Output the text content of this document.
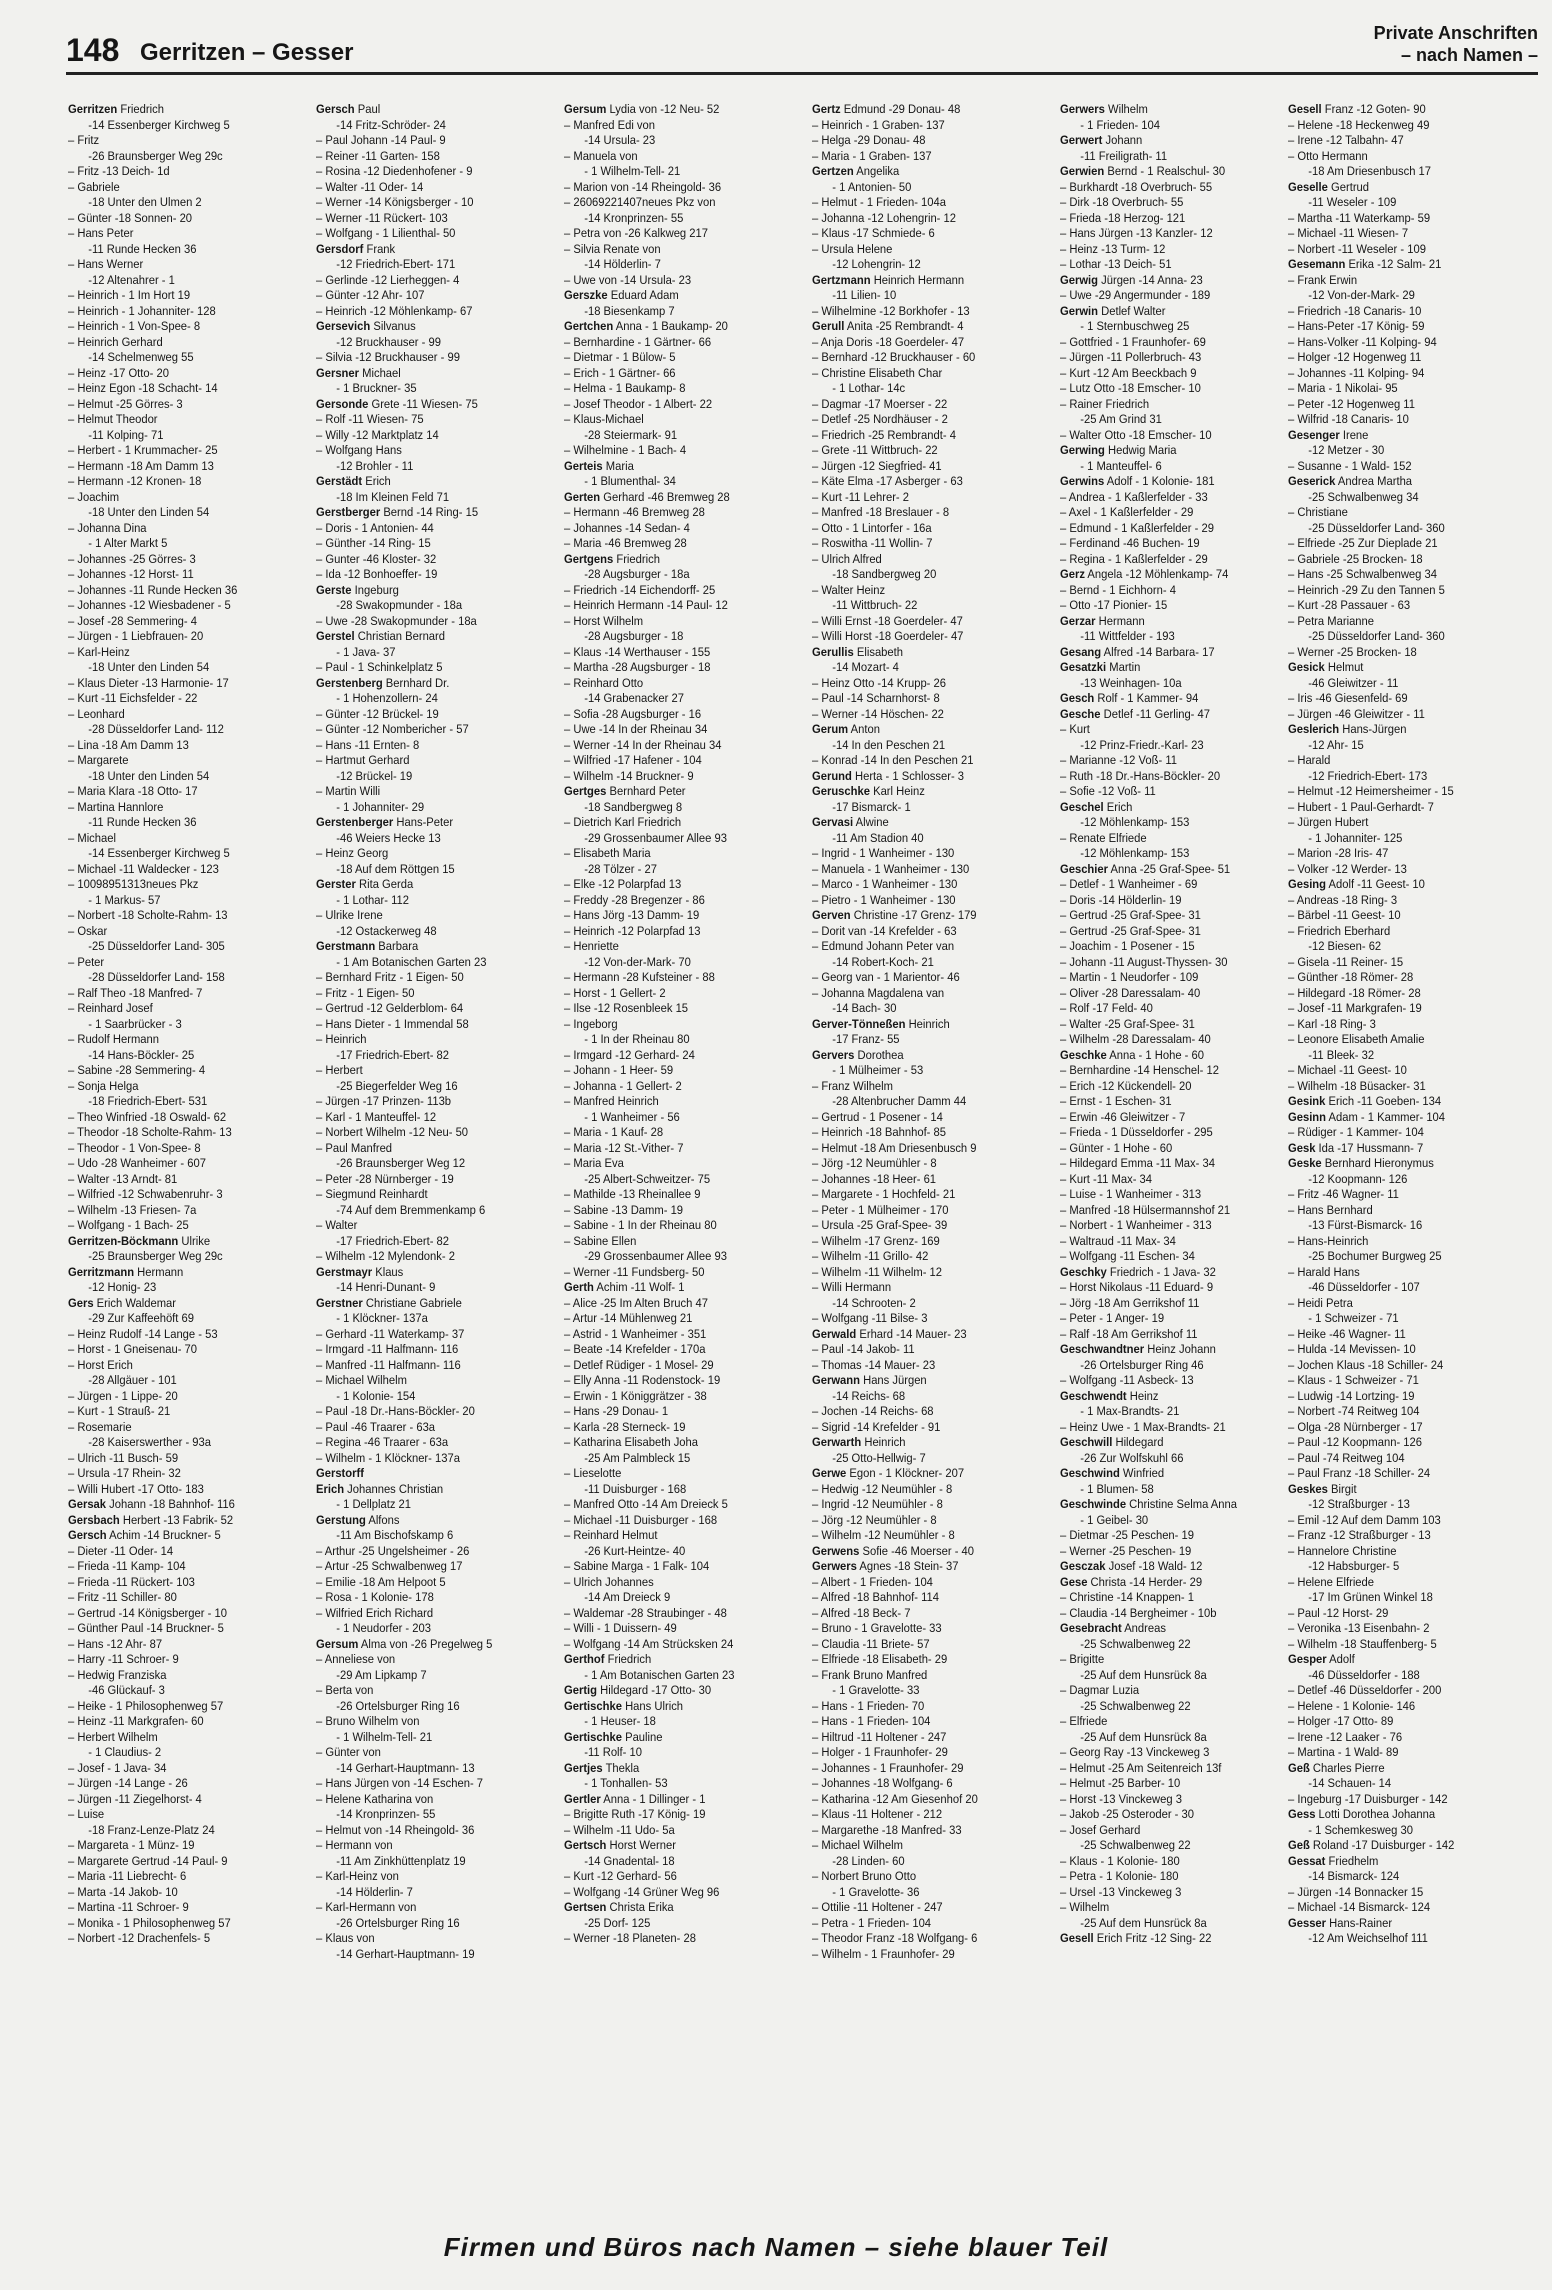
148 Gerritzen – Gesser
Private Anschriften
– nach Namen –
Gerritzen Friedrich
-14 Essenberger Kirchweg 5
– Fritz
-26 Braunsberger Weg 29c
– Fritz -13 Deich- 1d
– Gabriele
-18 Unter den Ulmen 2
– Günter -18 Sonnen- 20
– Hans Peter
-11 Runde Hecken 36
– Hans Werner
-12 Altenahrer - 1
– Heinrich - 1 Im Hort 19
– Heinrich - 1 Johanniter- 128
– Heinrich - 1 Von-Spee- 8
– Heinrich Gerhard
-14 Schelmenweg 55
– Heinz -17 Otto- 20
– Heinz Egon -18 Schacht- 14
– Helmut -25 Görres- 3
– Helmut Theodor
-11 Kolping- 71
– Herbert - 1 Krummacher- 25
– Hermann -18 Am Damm 13
– Hermann -12 Kronen- 18
– Joachim
-18 Unter den Linden 54
– Johanna Dina
- 1 Alter Markt 5
– Johannes -25 Görres- 3
– Johannes -12 Horst- 11
– Johannes -11 Runde Hecken 36
– Johannes -12 Wiesbadener - 5
– Josef -28 Semmering- 4
– Jürgen - 1 Liebfrauen- 20
– Karl-Heinz
-18 Unter den Linden 54
– Klaus Dieter -13 Harmonie- 17
– Kurt -11 Eichsfelder - 22
– Leonhard
-28 Düsseldorfer Land- 112
– Lina -18 Am Damm 13
– Margarete
-18 Unter den Linden 54
– Maria Klara -18 Otto- 17
– Martina Hannlore
-11 Runde Hecken 36
– Michael
-14 Essenberger Kirchweg 5
– Michael -11 Waldecker - 123
– 10098951313neues Pkz
- 1 Markus- 57
– Norbert -18 Scholte-Rahm- 13
– Oskar
-25 Düsseldorfer Land- 305
– Peter
-28 Düsseldorfer Land- 158
– Ralf Theo -18 Manfred- 7
– Reinhard Josef
- 1 Saarbrücker - 3
– Rudolf Hermann
-14 Hans-Böckler- 25
– Sabine -28 Semmering- 4
– Sonja Helga
-18 Friedrich-Ebert- 531
– Theo Winfried -18 Oswald- 62
– Theodor -18 Scholte-Rahm- 13
– Theodor - 1 Von-Spee- 8
– Udo -28 Wanheimer - 607
– Walter -13 Arndt- 81
– Wilfried -12 Schwabenruhr- 3
– Wilhelm -13 Friesen- 7a
– Wolfgang - 1 Bach- 25
Gerritzen-Böckmann Ulrike
-25 Braunsberger Weg 29c
Gerritzmann Hermann
-12 Honig- 23
Gers Erich Waldemar
-29 Zur Kaffeehöft 69
– Heinz Rudolf -14 Lange - 53
– Horst - 1 Gneisenau- 70
– Horst Erich
-28 Allgäuer - 101
– Jürgen - 1 Lippe- 20
– Kurt - 1 Strauß- 21
– Rosemarie
-28 Kaiserswerther - 93a
– Ulrich -11 Busch- 59
– Ursula -17 Rhein- 32
– Willi Hubert -17 Otto- 183
Gersak Johann -18 Bahnhof- 116
Gersbach Herbert -13 Fabrik- 52
Gersch Achim -14 Bruckner- 5
– Dieter -11 Oder- 14
– Frieda -11 Kamp- 104
– Frieda -11 Rückert- 103
– Fritz -11 Schiller- 80
– Gertrud -14 Königsberger - 10
– Günther Paul -14 Bruckner- 5
– Hans -12 Ahr- 87
– Harry -11 Schroer- 9
– Hedwig Franziska
-46 Glückauf- 3
– Heike - 1 Philosophenweg 57
– Heinz -11 Markgrafen- 60
– Herbert Wilhelm
- 1 Claudius- 2
– Josef - 1 Java- 34
– Jürgen -14 Lange - 26
– Jürgen -11 Ziegelhorst- 4
– Luise
-18 Franz-Lenze-Platz 24
– Margareta - 1 Münz- 19
– Margarete Gertrud -14 Paul- 9
– Maria -11 Liebrecht- 6
– Marta -14 Jakob- 10
– Martina -11 Schroer- 9
– Monika - 1 Philosophenweg 57
– Norbert -12 Drachenfels- 5
Gersch Paul
-14 Fritz-Schröder- 24
– Paul Johann -14 Paul- 9
– Reiner -11 Garten- 158
– Rosina -12 Diedenhofener - 9
– Walter -11 Oder- 14
– Werner -14 Königsberger - 10
– Werner -11 Rückert- 103
– Wolfgang - 1 Lilienthal- 50
Gersdorf Frank
-12 Friedrich-Ebert- 171
– Gerlinde -12 Lierheggen- 4
– Günter -12 Ahr- 107
– Heinrich -12 Möhlenkamp- 67
Gersevich Silvanus
-12 Bruckhauser - 99
– Silvia -12 Bruckhauser - 99
Gersner Michael
- 1 Bruckner- 35
Gersonde Grete -11 Wiesen- 75
– Rolf -11 Wiesen- 75
– Willy -12 Marktplatz 14
– Wolfgang Hans
-12 Brohler - 11
Gerstädt Erich
-18 Im Kleinen Feld 71
Gerstberger Bernd -14 Ring- 15
– Doris - 1 Antonien- 44
– Günther -14 Ring- 15
– Gunter -46 Kloster- 32
– Ida -12 Bonhoeffer- 19
Gerste Ingeburg
-28 Swakopmunder - 18a
– Uwe -28 Swakopmunder - 18a
Gerstel Christian Bernard
- 1 Java- 37
– Paul - 1 Schinkelplatz 5
Gerstenberg Bernhard Dr.
- 1 Hohenzollern- 24
– Günter -12 Brückel- 19
– Günter -12 Nombericher - 57
– Hans -11 Ernten- 8
– Hartmut Gerhard
-12 Brückel- 19
– Martin Willi
- 1 Johanniter- 29
Gerstenberger Hans-Peter
-46 Weiers Hecke 13
– Heinz Georg
-18 Auf dem Röttgen 15
Gerster Rita Gerda
- 1 Lothar- 112
– Ulrike Irene
-12 Ostackerweg 48
Gerstmann Barbara
- 1 Am Botanischen Garten 23
– Bernhard Fritz - 1 Eigen- 50
– Fritz - 1 Eigen- 50
– Gertrud -12 Gelderblom- 64
– Hans Dieter - 1 Immendal 58
– Heinrich
-17 Friedrich-Ebert- 82
– Herbert
-25 Biegerfelder Weg 16
– Jürgen -17 Prinzen- 113b
– Karl - 1 Manteuffel- 12
– Norbert Wilhelm -12 Neu- 50
– Paul Manfred
-26 Braunsberger Weg 12
– Peter -28 Nürnberger - 19
– Siegmund Reinhardt
-74 Auf dem Bremmenkamp 6
– Walter
-17 Friedrich-Ebert- 82
– Wilhelm -12 Mylendonk- 2
Gerstmayr Klaus
-14 Henri-Dunant- 9
Gerstner Christiane Gabriele
- 1 Klöckner- 137a
– Gerhard -11 Waterkamp- 37
– Irmgard -11 Halfmann- 116
– Manfred -11 Halfmann- 116
– Michael Wilhelm
- 1 Kolonie- 154
– Paul -18 Dr.-Hans-Böckler- 20
– Paul -46 Traarer - 63a
– Regina -46 Traarer - 63a
– Wilhelm - 1 Klöckner- 137a
Gerstorff
Erich Johannes Christian
- 1 Dellplatz 21
Gerstung Alfons
-11 Am Bischofskamp 6
– Arthur -25 Ungelsheimer - 26
– Artur -25 Schwalbenweg 17
– Emilie -18 Am Helpoot 5
– Rosa - 1 Kolonie- 178
– Wilfried Erich Richard
- 1 Neudorfer - 203
Gersum Alma von -26 Pregelweg 5
– Anneliese von
-29 Am Lipkamp 7
– Berta von
-26 Ortelsburger Ring 16
– Bruno Wilhelm von
- 1 Wilhelm-Tell- 21
– Günter von
-14 Gerhart-Hauptmann- 13
– Hans Jürgen von -14 Eschen- 7
– Helene Katharina von
-14 Kronprinzen- 55
– Helmut von -14 Rheingold- 36
– Hermann von
-11 Am Zinkhüttenplatz 19
– Karl-Heinz von
-14 Hölderlin- 7
– Karl-Hermann von
-26 Ortelsburger Ring 16
– Klaus von
-14 Gerhart-Hauptmann- 19
Gersum Lydia von -12 Neu- 52
– Manfred Edi von
-14 Ursula- 23
– Manuela von
- 1 Wilhelm-Tell- 21
– Marion von -14 Rheingold- 36
– 26069221407neues Pkz von
-14 Kronprinzen- 55
– Petra von -26 Kalkweg 217
– Silvia Renate von
-14 Hölderlin- 7
– Uwe von -14 Ursula- 23
Gerszke Eduard Adam
-18 Biesenkamp 7
Gertchen Anna - 1 Baukamp- 20
– Bernhardine - 1 Gärtner- 66
– Dietmar - 1 Bülow- 5
– Erich - 1 Gärtner- 66
– Helma - 1 Baukamp- 8
– Josef Theodor - 1 Albert- 22
– Klaus-Michael
-28 Steiermark- 91
– Wilhelmine - 1 Bach- 4
Gerteis Maria
- 1 Blumenthal- 34
Gerten Gerhard -46 Bremweg 28
– Hermann -46 Bremweg 28
– Johannes -14 Sedan- 4
– Maria -46 Bremweg 28
Gertgens Friedrich
-28 Augsburger - 18a
– Friedrich -14 Eichendorff- 25
– Heinrich Hermann -14 Paul- 12
– Horst Wilhelm
-28 Augsburger - 18
– Klaus -14 Werthauser - 155
– Martha -28 Augsburger - 18
– Reinhard Otto
-14 Grabenacker 27
– Sofia -28 Augsburger - 16
– Uwe -14 In der Rheinau 34
– Werner -14 In der Rheinau 34
– Wilfried -17 Hafener - 104
– Wilhelm -14 Bruckner- 9
Gertges Bernhard Peter
-18 Sandbergweg 8
– Dietrich Karl Friedrich
-29 Grossenbaumer Allee 93
– Elisabeth Maria
-28 Tölzer - 27
– Elke -12 Polarpfad 13
– Freddy -28 Bregenzer - 86
– Hans Jörg -13 Damm- 19
– Heinrich -12 Polarpfad 13
– Henriette
-12 Von-der-Mark- 70
– Hermann -28 Kufsteiner - 88
– Horst - 1 Gellert- 2
– Ilse -12 Rosenbleek 15
– Ingeborg
- 1 In der Rheinau 80
– Irmgard -12 Gerhard- 24
– Johann - 1 Heer- 59
– Johanna - 1 Gellert- 2
– Manfred Heinrich
- 1 Wanheimer - 56
– Maria - 1 Kauf- 28
– Maria -12 St.-Vither- 7
– Maria Eva
-25 Albert-Schweitzer- 75
– Mathilde -13 Rheinallee 9
– Sabine -13 Damm- 19
– Sabine - 1 In der Rheinau 80
– Sabine Ellen
-29 Grossenbaumer Allee 93
– Werner -11 Fundsberg- 50
Gerth Achim -11 Wolf- 1
– Alice -25 Im Alten Bruch 47
– Artur -14 Mühlenweg 21
– Astrid - 1 Wanheimer - 351
– Beate -14 Krefelder - 170a
– Detlef Rüdiger - 1 Mosel- 29
– Elly Anna -11 Rodenstock- 19
– Erwin - 1 Königgrätzer - 38
– Hans -29 Donau- 1
– Karla -28 Sterneck- 19
– Katharina Elisabeth Joha
-25 Am Palmbleck 15
– Lieselotte
-11 Duisburger - 168
– Manfred Otto -14 Am Dreieck 5
– Michael -11 Duisburger - 168
– Reinhard Helmut
-26 Kurt-Heintze- 40
– Sabine Marga - 1 Falk- 104
– Ulrich Johannes
-14 Am Dreieck 9
– Waldemar -28 Straubinger - 48
– Willi - 1 Duissern- 49
– Wolfgang -14 Am Strücksken 24
Gerthof Friedrich
- 1 Am Botanischen Garten 23
Gertig Hildegard -17 Otto- 30
Gertischke Hans Ulrich
- 1 Heuser- 18
Gertischke Pauline
-11 Rolf- 10
Gertjes Thekla
- 1 Tonhallen- 53
Gertler Anna - 1 Dillinger - 1
– Brigitte Ruth -17 König- 19
– Wilhelm -11 Udo- 5a
Gertsch Horst Werner
-14 Gnadental- 18
– Kurt -12 Gerhard- 56
– Wolfgang -14 Grüner Weg 96
Gertsen Christa Erika
-25 Dorf- 125
– Werner -18 Planeten- 28
Gertz Edmund -29 Donau- 48
– Heinrich - 1 Graben- 137
– Helga -29 Donau- 48
– Maria - 1 Graben- 137
Gertzen Angelika
- 1 Antonien- 50
– Helmut - 1 Frieden- 104a
– Johanna -12 Lohengrin- 12
– Klaus -17 Schmiede- 6
– Ursula Helene
-12 Lohengrin- 12
Gertzmann Heinrich Hermann
-11 Lilien- 10
– Wilhelmine -12 Borkhofer - 13
Gerull Anita -25 Rembrandt- 4
– Anja Doris -18 Goerdeler- 47
– Bernhard -12 Bruckhauser - 60
– Christine Elisabeth Char
- 1 Lothar- 14c
– Dagmar -17 Moerser - 22
– Detlef -25 Nordhäuser - 2
– Friedrich -25 Rembrandt- 4
– Grete -11 Wittbruch- 22
– Jürgen -12 Siegfried- 41
– Käte Elma -17 Asberger - 63
– Kurt -11 Lehrer- 2
– Manfred -18 Breslauer - 8
– Otto - 1 Lintorfer - 16a
– Roswitha -11 Wollin- 7
– Ulrich Alfred
-18 Sandbergweg 20
– Walter Heinz
-11 Wittbruch- 22
– Willi Ernst -18 Goerdeler- 47
– Willi Horst -18 Goerdeler- 47
Gerullis Elisabeth
-14 Mozart- 4
– Heinz Otto -14 Krupp- 26
– Paul -14 Scharnhorst- 8
– Werner -14 Höschen- 22
Gerum Anton
-14 In den Peschen 21
– Konrad -14 In den Peschen 21
Gerund Herta - 1 Schlosser- 3
Geruschke Karl Heinz
-17 Bismarck- 1
Gervasi Alwine
-11 Am Stadion 40
– Ingrid - 1 Wanheimer - 130
– Manuela - 1 Wanheimer - 130
– Marco - 1 Wanheimer - 130
– Pietro - 1 Wanheimer - 130
Gerven Christine -17 Grenz- 179
– Dorit van -14 Krefelder - 63
– Edmund Johann Peter van
-14 Robert-Koch- 21
– Georg van - 1 Marientor- 46
– Johanna Magdalena van
-14 Bach- 30
Gerver-Tönneßen Heinrich
-17 Franz- 55
Gervers Dorothea
- 1 Mülheimer - 53
– Franz Wilhelm
-28 Altenbrucher Damm 44
– Gertrud - 1 Posener - 14
– Heinrich -18 Bahnhof- 85
– Helmut -18 Am Driesenbusch 9
– Jörg -12 Neumühler - 8
– Johannes -18 Heer- 61
– Margarete - 1 Hochfeld- 21
– Peter - 1 Mülheimer - 170
– Ursula -25 Graf-Spee- 39
– Wilhelm -17 Grenz- 169
– Wilhelm -11 Grillo- 42
– Wilhelm -11 Wilhelm- 12
– Willi Hermann
-14 Schrooten- 2
– Wolfgang -11 Bilse- 3
Gerwald Erhard -14 Mauer- 23
– Paul -14 Jakob- 11
– Thomas -14 Mauer- 23
Gerwann Hans Jürgen
-14 Reichs- 68
– Jochen -14 Reichs- 68
– Sigrid -14 Krefelder - 91
Gerwarth Heinrich
-25 Otto-Hellwig- 7
Gerwe Egon - 1 Klöckner- 207
– Hedwig -12 Neumühler - 8
– Ingrid -12 Neumühler - 8
– Jörg -12 Neumühler - 8
– Wilhelm -12 Neumühler - 8
Gerwens Sofie -46 Moerser - 40
Gerwers Agnes -18 Stein- 37
– Albert - 1 Frieden- 104
– Alfred -18 Bahnhof- 114
– Alfred -18 Beck- 7
– Bruno - 1 Gravelotte- 33
– Claudia -11 Briete- 57
– Elfriede -18 Elisabeth- 29
– Frank Bruno Manfred
- 1 Gravelotte- 33
– Hans - 1 Frieden- 70
– Hans - 1 Frieden- 104
– Hiltrud -11 Holtener - 247
– Holger - 1 Fraunhofer- 29
– Johannes - 1 Fraunhofer- 29
– Johannes -18 Wolfgang- 6
– Katharina -12 Am Giesenhof 20
– Klaus -11 Holtener - 212
– Margarethe -18 Manfred- 33
– Michael Wilhelm
-28 Linden- 60
– Norbert Bruno Otto
- 1 Gravelotte- 36
– Ottilie -11 Holtener - 247
– Petra - 1 Frieden- 104
– Theodor Franz -18 Wolfgang- 6
– Wilhelm - 1 Fraunhofer- 29
Gerwers Wilhelm
- 1 Frieden- 104
Gerwert Johann
-11 Freiligrath- 11
Gerwien Bernd - 1 Realschul- 30
– Burkhardt -18 Overbruch- 55
– Dirk -18 Overbruch- 55
– Frieda -18 Herzog- 121
– Hans Jürgen -13 Kanzler- 12
– Heinz -13 Turm- 12
– Lothar -13 Deich- 51
Gerwig Jürgen -14 Anna- 23
– Uwe -29 Angermunder - 189
Gerwin Detlef Walter
- 1 Sternbuschweg 25
– Gottfried - 1 Fraunhofer- 69
– Jürgen -11 Pollerbruch- 43
– Kurt -12 Am Beeckbach 9
– Lutz Otto -18 Emscher- 10
– Rainer Friedrich
-25 Am Grind 31
– Walter Otto -18 Emscher- 10
Gerwing Hedwig Maria
- 1 Manteuffel- 6
Gerwins Adolf - 1 Kolonie- 181
– Andrea - 1 Kaßlerfelder - 33
– Axel - 1 Kaßlerfelder - 29
– Edmund - 1 Kaßlerfelder - 29
– Ferdinand -46 Buchen- 19
– Regina - 1 Kaßlerfelder - 29
Gerz Angela -12 Möhlenkamp- 74
– Bernd - 1 Eichhorn- 4
– Otto -17 Pionier- 15
Gerzar Hermann
-11 Wittfelder - 193
Gesang Alfred -14 Barbara- 17
Gesatzki Martin
-13 Weinhagen- 10a
Gesch Rolf - 1 Kammer- 94
Gesche Detlef -11 Gerling- 47
– Kurt
-12 Prinz-Friedr.-Karl- 23
– Marianne -12 Voß- 11
– Ruth -18 Dr.-Hans-Böckler- 20
– Sofie -12 Voß- 11
Geschel Erich
-12 Möhlenkamp- 153
– Renate Elfriede
-12 Möhlenkamp- 153
Geschier Anna -25 Graf-Spee- 51
– Detlef - 1 Wanheimer - 69
– Doris -14 Hölderlin- 19
– Gertrud -25 Graf-Spee- 31
– Gertrud -25 Graf-Spee- 31
– Joachim - 1 Posener - 15
– Johann -11 August-Thyssen- 30
– Martin - 1 Neudorfer - 109
– Oliver -28 Daressalam- 40
– Rolf -17 Feld- 40
– Walter -25 Graf-Spee- 31
– Wilhelm -28 Daressalam- 40
Geschke Anna - 1 Hohe - 60
– Bernhardine -14 Henschel- 12
– Erich -12 Kückendell- 20
– Ernst - 1 Eschen- 31
– Erwin -46 Gleiwitzer - 7
– Frieda - 1 Düsseldorfer - 295
– Günter - 1 Hohe - 60
– Hildegard Emma -11 Max- 34
– Kurt -11 Max- 34
– Luise - 1 Wanheimer - 313
– Manfred -18 Hülsermannshof 21
– Norbert - 1 Wanheimer - 313
– Waltraud -11 Max- 34
– Wolfgang -11 Eschen- 34
Geschky Friedrich - 1 Java- 32
– Horst Nikolaus -11 Eduard- 9
– Jörg -18 Am Gerrikshof 11
– Peter - 1 Anger- 19
– Ralf -18 Am Gerrikshof 11
Geschwandtner Heinz Johann
-26 Ortelsburger Ring 46
– Wolfgang -11 Asbeck- 13
Geschwendt Heinz
- 1 Max-Brandts- 21
– Heinz Uwe - 1 Max-Brandts- 21
Geschwill Hildegard
-26 Zur Wolfskuhl 66
Geschwind Winfried
- 1 Blumen- 58
Geschwinde Christine Selma Anna
- 1 Geibel- 30
– Dietmar -25 Peschen- 19
– Werner -25 Peschen- 19
Gesczak Josef -18 Wald- 12
Gese Christa -14 Herder- 29
– Christine -14 Knappen- 1
– Claudia -14 Bergheimer - 10b
Gesebracht Andreas
-25 Schwalbenweg 22
– Brigitte
-25 Auf dem Hunsrück 8a
– Dagmar Luzia
-25 Schwalbenweg 22
– Elfriede
-25 Auf dem Hunsrück 8a
– Georg Ray -13 Vinckeweg 3
– Helmut -25 Am Seitenreich 13f
– Helmut -25 Barber- 10
– Horst -13 Vinckeweg 3
– Jakob -25 Osteroder - 30
– Josef Gerhard
-25 Schwalbenweg 22
– Klaus - 1 Kolonie- 180
– Petra - 1 Kolonie- 180
– Ursel -13 Vinckeweg 3
– Wilhelm
-25 Auf dem Hunsrück 8a
Gesell Erich Fritz -12 Sing- 22
Gesell Franz -12 Goten- 90
– Helene -18 Heckenweg 49
– Irene -12 Talbahn- 47
– Otto Hermann
-18 Am Driesenbusch 17
Geselle Gertrud
-11 Weseler - 109
– Martha -11 Waterkamp- 59
– Michael -11 Wiesen- 7
– Norbert -11 Weseler - 109
Gesemann Erika -12 Salm- 21
– Frank Erwin
-12 Von-der-Mark- 29
– Friedrich -18 Canaris- 10
– Hans-Peter -17 König- 59
– Hans-Volker -11 Kolping- 94
– Holger -12 Hogenweg 11
– Johannes -11 Kolping- 94
– Maria - 1 Nikolai- 95
– Peter -12 Hogenweg 11
– Wilfrid -18 Canaris- 10
Gesenger Irene
-12 Metzer - 30
– Susanne - 1 Wald- 152
Geserick Andrea Martha
-25 Schwalbenweg 34
– Christiane
-25 Düsseldorfer Land- 360
– Elfriede -25 Zur Dieplade 21
– Gabriele -25 Brocken- 18
– Hans -25 Schwalbenweg 34
– Heinrich -29 Zu den Tannen 5
– Kurt -28 Passauer - 63
– Petra Marianne
-25 Düsseldorfer Land- 360
– Werner -25 Brocken- 18
Gesick Helmut
-46 Gleiwitzer - 11
– Iris -46 Giesenfeld- 69
– Jürgen -46 Gleiwitzer - 11
Geslerich Hans-Jürgen
-12 Ahr- 15
– Harald
-12 Friedrich-Ebert- 173
– Helmut -12 Heimersheimer - 15
– Hubert - 1 Paul-Gerhardt- 7
– Jürgen Hubert
- 1 Johanniter- 125
– Marion -28 Iris- 47
– Volker -12 Werder- 13
Gesing Adolf -11 Geest- 10
– Andreas -18 Ring- 3
– Bärbel -11 Geest- 10
– Friedrich Eberhard
-12 Biesen- 62
– Gisela -11 Reiner- 15
– Günther -18 Römer- 28
– Hildegard -18 Römer- 28
– Josef -11 Markgrafen- 19
– Karl -18 Ring- 3
– Leonore Elisabeth Amalie
-11 Bleek- 32
– Michael -11 Geest- 10
– Wilhelm -18 Büsacker- 31
Gesink Erich -11 Goeben- 134
Gesinn Adam - 1 Kammer- 104
– Rüdiger - 1 Kammer- 104
Gesk Ida -17 Hussmann- 7
Geske Bernhard Hieronymus
-12 Koopmann- 126
– Fritz -46 Wagner- 11
– Hans Bernhard
-13 Fürst-Bismarck- 16
– Hans-Heinrich
-25 Bochumer Burgweg 25
– Harald Hans
-46 Düsseldorfer - 107
– Heidi Petra
- 1 Schweizer - 71
– Heike -46 Wagner- 11
– Hulda -14 Mevissen- 10
– Jochen Klaus -18 Schiller- 24
– Klaus - 1 Schweizer - 71
– Ludwig -14 Lortzing- 19
– Norbert -74 Reitweg 104
– Olga -28 Nürnberger - 17
– Paul -12 Koopmann- 126
– Paul -74 Reitweg 104
– Paul Franz -18 Schiller- 24
Geskes Birgit
-12 Straßburger - 13
– Emil -12 Auf dem Damm 103
– Franz -12 Straßburger - 13
– Hannelore Christine
-12 Habsburger- 5
– Helene Elfriede
-17 Im Grünen Winkel 18
– Paul -12 Horst- 29
– Veronika -13 Eisenbahn- 2
– Wilhelm -18 Stauffenberg- 5
Gesper Adolf
-46 Düsseldorfer - 188
– Detlef -46 Düsseldorfer - 200
– Helene - 1 Kolonie- 146
– Holger -17 Otto- 89
– Irene -12 Laaker - 76
– Martina - 1 Wald- 89
Geß Charles Pierre
-14 Schauen- 14
– Ingeburg -17 Duisburger - 142
Gess Lotti Dorothea Johanna
- 1 Schemkesweg 30
Geß Roland -17 Duisburger - 142
Gessat Friedhelm
-14 Bismarck- 124
– Jürgen -14 Bonnacker 15
– Michael -14 Bismarck- 124
Gesser Hans-Rainer
-12 Am Weichselhof 111
Firmen und Büros nach Namen – siehe blauer Teil
